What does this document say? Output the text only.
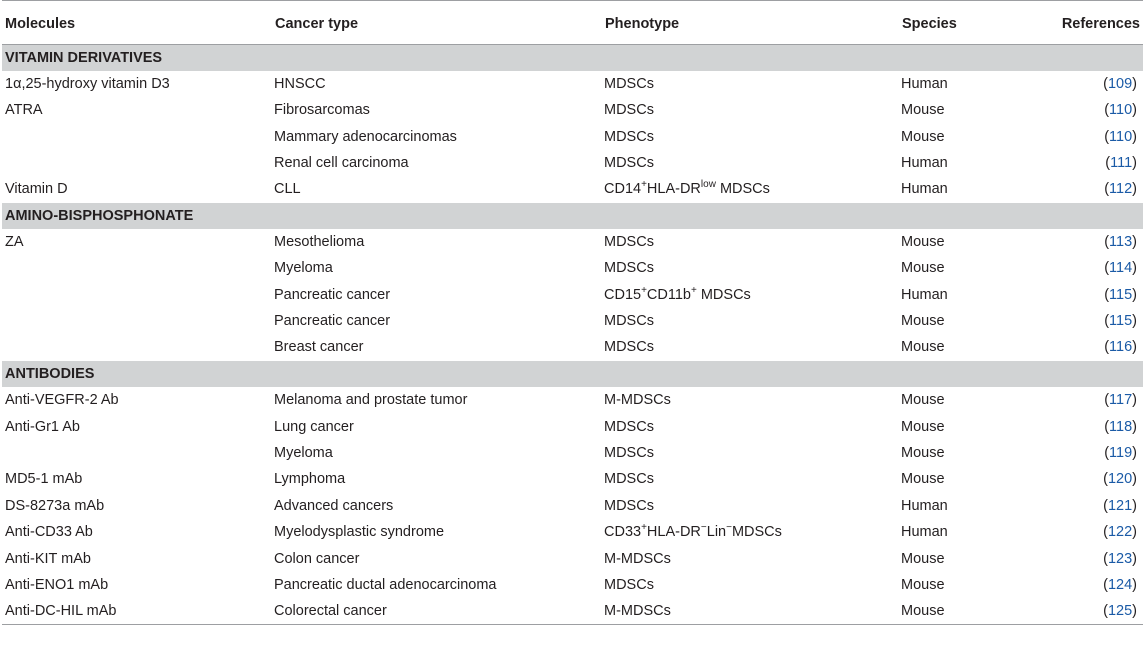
Molecules	Cancer type	Phenotype	Species	References
VITAMIN DERIVATIVES				
1α,25-hydroxy vitamin D3	HNSCC	MDSCs	Human	(109)
ATRA	Fibrosarcomas	MDSCs	Mouse	(110)
	Mammary adenocarcinomas	MDSCs	Mouse	(110)
	Renal cell carcinoma	MDSCs	Human	(111)
Vitamin D	CLL	$CD14^+HLA-DR^{low}$ MDSCs	Human	(112)
AMINO-BISPHOSPHONATE				
ZA	Mesothelioma	MDSCs	Mouse	(113)
	Myeloma	MDSCs	Mouse	(114)
	Pancreatic cancer	CD15+CD11b+ MDSCs	Human	(115)
	Pancreatic cancer	MDSCs	Mouse	(115)
	Breast cancer	MDSCs	Mouse	(116)
ANTIBODIES				
Anti-VEGFR-2 Ab	Melanoma and prostate tumor	M-MDSCs	Mouse	(117)
Anti-Gr1 Ab	Lung cancer	MDSCs	Mouse	(118)
	Myeloma	MDSCs	Mouse	(119)
MD5-1 mAb	Lymphoma	MDSCs	Mouse	(120)
DS-8273a mAb	Advanced cancers	MDSCs	Human	(121)
Anti-CD33 Ab	Myelodysplastic syndrome	CD33+HLA-DR−Lin−MDSCs	Human	(122)
Anti-KIT mAb	Colon cancer	M-MDSCs	Mouse	(123)
Anti-ENO1 mAb	Pancreatic ductal adenocarcinoma	MDSCs	Mouse	(124)
Anti-DC-HIL mAb	Colorectal cancer	M-MDSCs	Mouse	(125)
